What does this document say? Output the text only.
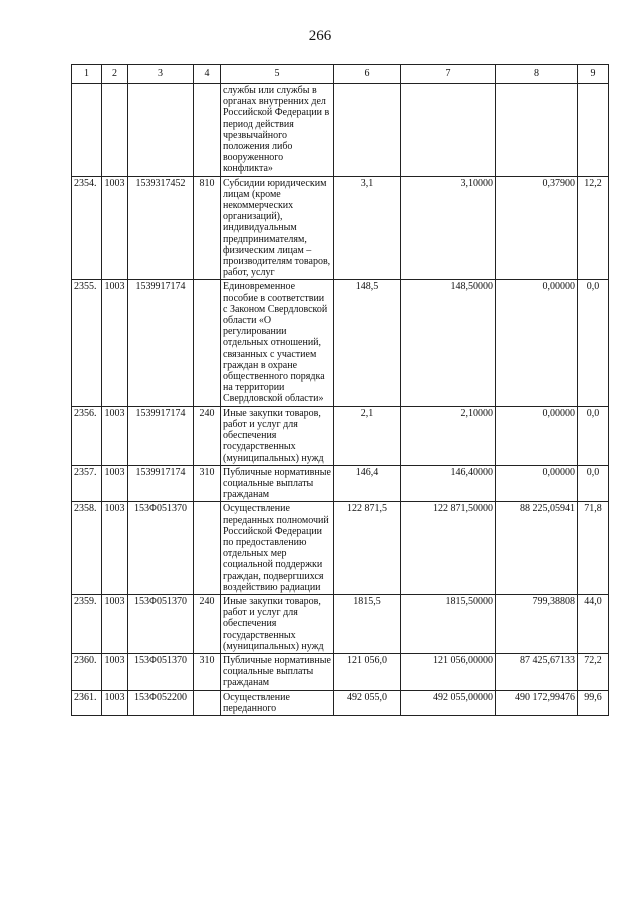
266
1	2	3	4	5	6	7	8	9
				службы или службы в органах внутренних дел Российской Федерации в период действия чрезвычайного положения либо вооруженного конфликта»				
2354.	1003	1539317452	810	Субсидии юридическим лицам (кроме некоммерческих организаций), индивидуальным предпринимателям, физическим лицам – производителям товаров, работ, услуг	3,1	3,10000	0,37900	12,2
2355.	1003	1539917174		Единовременное пособие в соответствии с Законом Свердловской области «О регулировании отдельных отношений, связанных с участием граждан в охране общественного порядка на территории Свердловской области»	148,5	148,50000	0,00000	0,0
2356.	1003	1539917174	240	Иные закупки товаров, работ и услуг для обеспечения государственных (муниципальных) нужд	2,1	2,10000	0,00000	0,0
2357.	1003	1539917174	310	Публичные нормативные социальные выплаты гражданам	146,4	146,40000	0,00000	0,0
2358.	1003	153Ф051370		Осуществление переданных полномочий Российской Федерации по предоставлению отдельных мер социальной поддержки граждан, подвергшихся воздействию радиации	122 871,5	122 871,50000	88 225,05941	71,8
2359.	1003	153Ф051370	240	Иные закупки товаров, работ и услуг для обеспечения государственных (муниципальных) нужд	1815,5	1815,50000	799,38808	44,0
2360.	1003	153Ф051370	310	Публичные нормативные социальные выплаты гражданам	121 056,0	121 056,00000	87 425,67133	72,2
2361.	1003	153Ф052200		Осуществление переданного	492 055,0	492 055,00000	490 172,99476	99,6
